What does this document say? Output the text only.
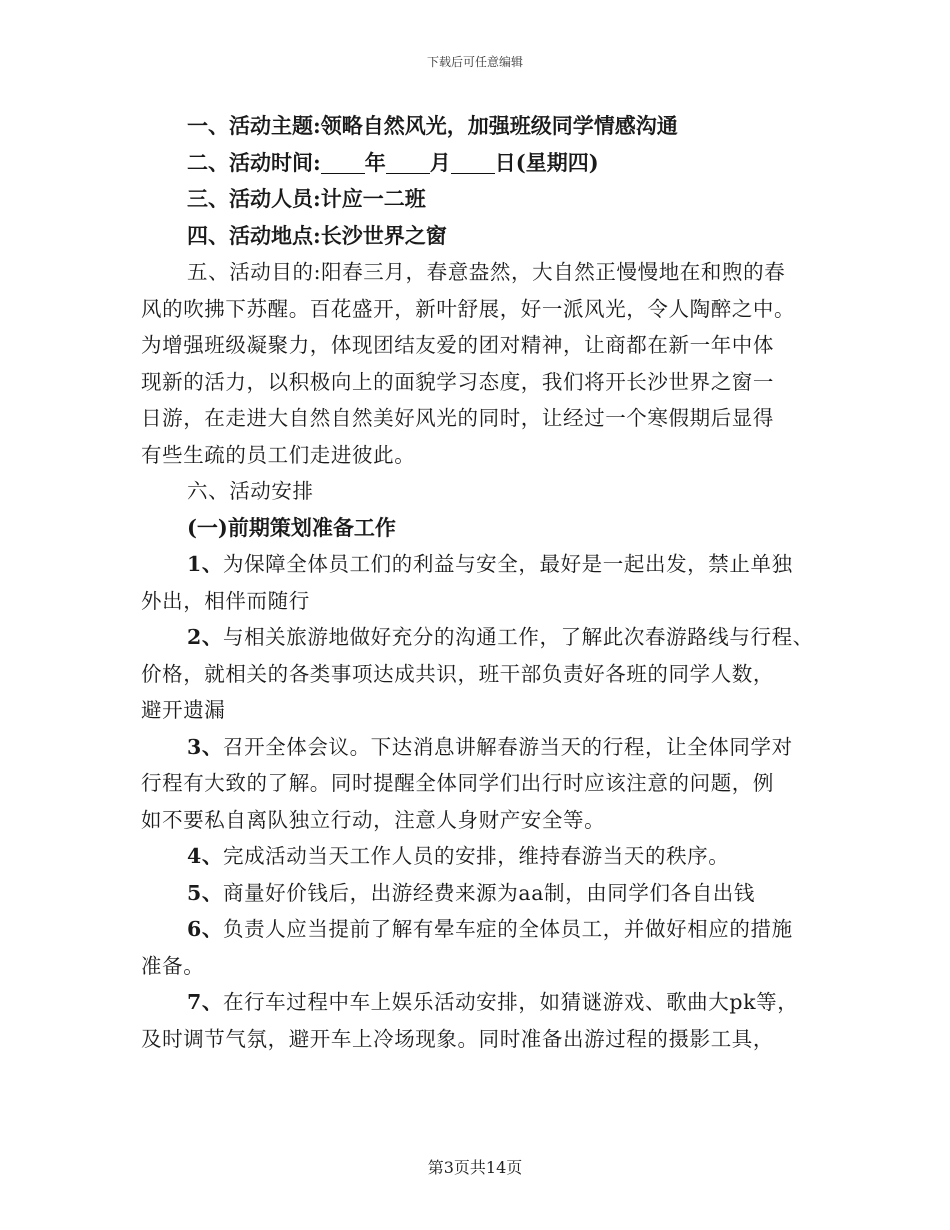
下载后可任意编辑

一、活动主题:领略自然风光，加强班级同学情感沟通

二、活动时间: 年 月 日(星期四)

三、活动人员:计应一二班

四、活动地点:长沙世界之窗

五、活动目的:阳春三月，春意盎然，大自然正慢慢地在和煦的春

风的吹拂下苏醒。百花盛开，新叶舒展，好一派风光，令人陶醉之中。

为增强班级凝聚力，体现团结友爱的团对精神，让商都在新一年中体

现新的活力，以积极向上的面貌学习态度，我们将开长沙世界之窗一

日游，在走进大自然自然美好风光的同时，让经过一个寒假期后显得

有些生疏的员工们走进彼此。

六、活动安排

(一)前期策划准备工作

1、为保障全体员工们的利益与安全，最好是一起出发，禁止单独

外出，相伴而随行

2、与相关旅游地做好充分的沟通工作，了解此次春游路线与行程、

价格，就相关的各类事项达成共识，班干部负责好各班的同学人数，

避开遗漏

3、召开全体会议。下达消息讲解春游当天的行程，让全体同学对

行程有大致的了解。同时提醒全体同学们出行时应该注意的问题，例

如不要私自离队独立行动，注意人身财产安全等。

4、完成活动当天工作人员的安排，维持春游当天的秩序。

5、商量好价钱后，出游经费来源为aa制，由同学们各自出钱

6、负责人应当提前了解有晕车症的全体员工，并做好相应的措施

准备。

7、在行车过程中车上娱乐活动安排，如猜谜游戏、歌曲大pk等，

及时调节气氛，避开车上冷场现象。同时准备出游过程的摄影工具，

第3页共14页
